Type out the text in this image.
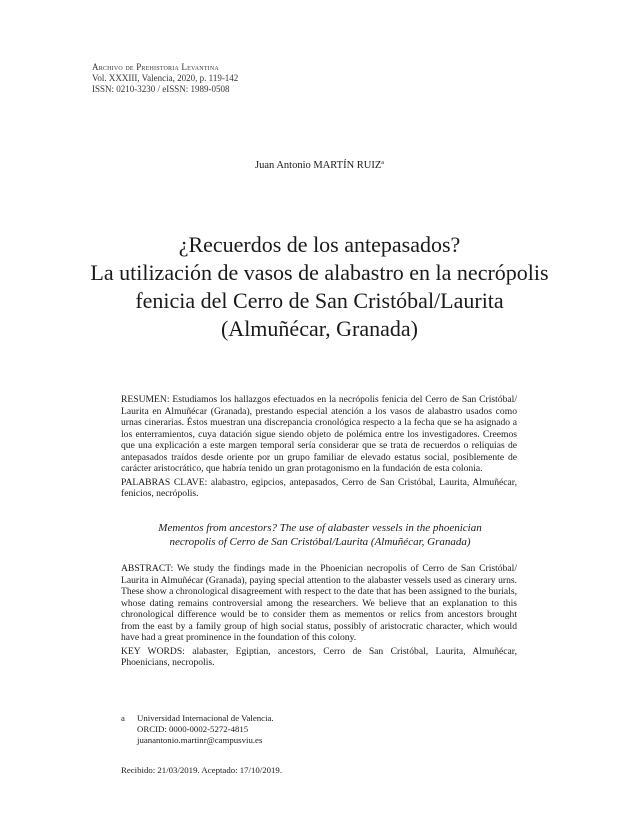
Archivo de Prehistoria Levantina
Vol. XXXIII, Valencia, 2020, p. 119-142
ISSN: 0210-3230 / eISSN: 1989-0508
Juan Antonio MARTÍN RUIZ$^a$
¿Recuerdos de los antepasados?
La utilización de vasos de alabastro en la necrópolis
fenicia del Cerro de San Cristóbal/Laurita
(Almuñécar, Granada)

RESUMEN: Estudiamos los hallazgos efectuados en la necrópolis fenicia del Cerro de San Cristóbal/ Laurita en Almuñécar (Granada), prestando especial atención a los vasos de alabastro usados como urnas cinerarias. Éstos muestran una discrepancia cronológica respecto a la fecha que se ha asignado a los enterramientos, cuya datación sigue siendo objeto de polémica entre los investigadores. Creemos que una explicación a este margen temporal sería considerar que se trata de recuerdos o reliquias de antepasados traídos desde oriente por un grupo familiar de elevado estatus social, posiblemente de carácter aristocrático, que habría tenido un gran protagonismo en la fundación de esta colonia.

PALABRAS CLAVE: alabastro, egipcios, antepasados, Cerro de San Cristóbal, Laurita, Almuñécar, fenicios, necrópolis.

Mementos from ancestors? The use of alabaster vessels in the phoenician
necropolis of Cerro de San Cristóbal/Laurita (Almuñécar, Granada)

ABSTRACT: We study the findings made in the Phoenician necropolis of Cerro de San Cristóbal/ Laurita in Almuñécar (Granada), paying special attention to the alabaster vessels used as cinerary urns. These show a chronological disagreement with respect to the date that has been assigned to the burials, whose dating remains controversial among the researchers. We believe that an explanation to this chronological difference would be to consider them as mementos or relics from ancestors brought from the east by a family group of high social status, possibly of aristocratic character, which would have had a great prominence in the foundation of this colony.

KEY WORDS: alabaster, Egiptian, ancestors, Cerro de San Cristóbal, Laurita, Almuñécar, Phoenicians, necropolis.

a Universidad Internacional de Valencia.
ORCID: 0000-0002-5272-4815
juanantonio.martinr@campusviu.es
Recibido: 21/03/2019. Aceptado: 17/10/2019.
